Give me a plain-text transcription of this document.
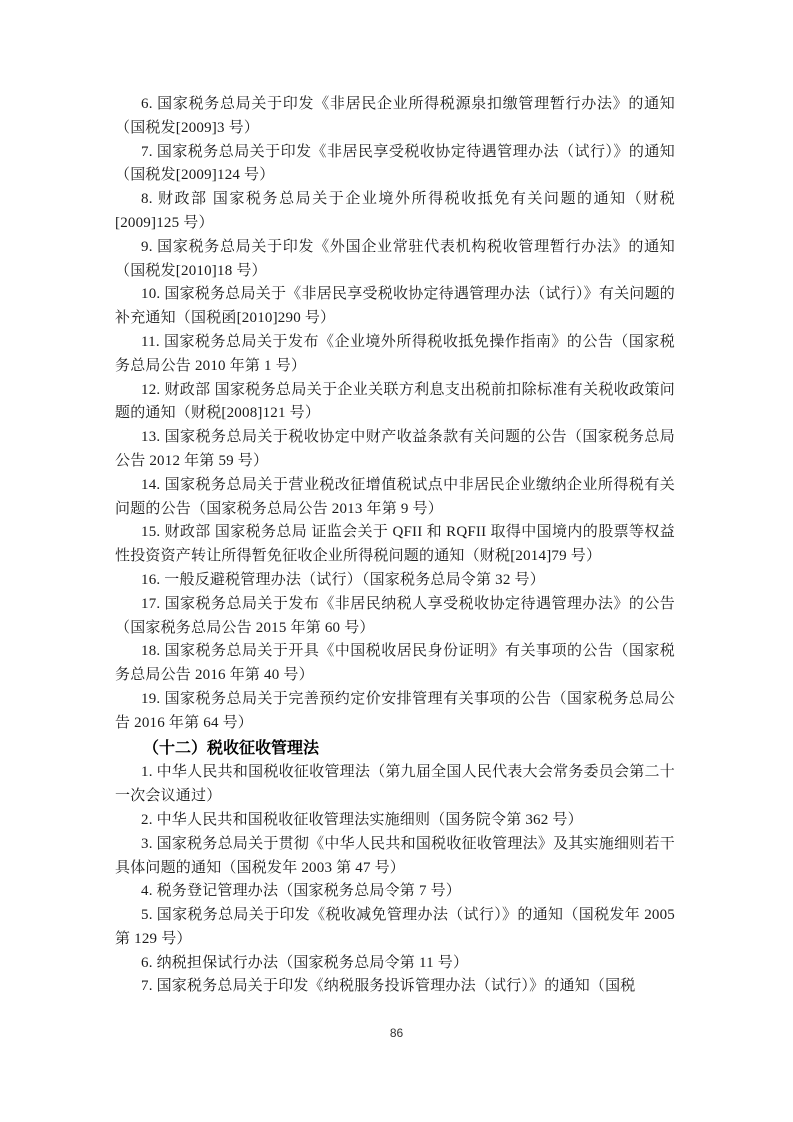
6. 国家税务总局关于印发《非居民企业所得税源泉扣缴管理暂行办法》的通知（国税发[2009]3 号）

7. 国家税务总局关于印发《非居民享受税收协定待遇管理办法（试行）》的通知（国税发[2009]124 号）

8. 财政部 国家税务总局关于企业境外所得税收抵免有关问题的通知（财税[2009]125 号）

9. 国家税务总局关于印发《外国企业常驻代表机构税收管理暂行办法》的通知（国税发[2010]18 号）

10. 国家税务总局关于《非居民享受税收协定待遇管理办法（试行）》有关问题的补充通知（国税函[2010]290 号）

11. 国家税务总局关于发布《企业境外所得税收抵免操作指南》的公告（国家税务总局公告 2010 年第 1 号）

12. 财政部 国家税务总局关于企业关联方利息支出税前扣除标准有关税收政策问题的通知（财税[2008]121 号）

13. 国家税务总局关于税收协定中财产收益条款有关问题的公告（国家税务总局公告 2012 年第 59 号）

14. 国家税务总局关于营业税改征增值税试点中非居民企业缴纳企业所得税有关问题的公告（国家税务总局公告 2013 年第 9 号）

15. 财政部 国家税务总局 证监会关于 QFII 和 RQFII 取得中国境内的股票等权益性投资资产转让所得暂免征收企业所得税问题的通知（财税[2014]79 号）

16. 一般反避税管理办法（试行）（国家税务总局令第 32 号）

17. 国家税务总局关于发布《非居民纳税人享受税收协定待遇管理办法》的公告（国家税务总局公告 2015 年第 60 号）

18. 国家税务总局关于开具《中国税收居民身份证明》有关事项的公告（国家税务总局公告 2016 年第 40 号）

19. 国家税务总局关于完善预约定价安排管理有关事项的公告（国家税务总局公告 2016 年第 64 号）

（十二）税收征收管理法

1. 中华人民共和国税收征收管理法（第九届全国人民代表大会常务委员会第二十一次会议通过）

2. 中华人民共和国税收征收管理法实施细则（国务院令第 362 号）

3. 国家税务总局关于贯彻《中华人民共和国税收征收管理法》及其实施细则若干具体问题的通知（国税发年 2003 第 47 号）

4. 税务登记管理办法（国家税务总局令第 7 号）

5. 国家税务总局关于印发《税收减免管理办法（试行）》的通知（国税发年 2005 第 129 号）

6. 纳税担保试行办法（国家税务总局令第 11 号）

7. 国家税务总局关于印发《纳税服务投诉管理办法（试行）》的通知（国税

86
